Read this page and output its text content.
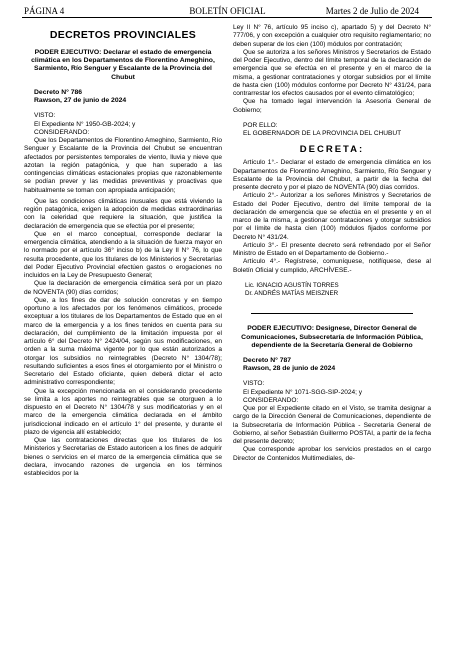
PÁGINA 4	BOLETÍN OFICIAL	Martes 2 de Julio de 2024

DECRETOS PROVINCIALES

PODER EJECUTIVO: Declarar el estado de emergencia climática en los Departamentos de Florentino Ameghino, Sarmiento, Río Senguer y Escalante de la Provincia del Chubut

Decreto N° 786

Rawson, 27 de junio de 2024

VISTO:

El Expediente N° 1950-GB-2024; y

CONSIDERANDO:

Que los Departamentos de Florentino Ameghino, Sarmiento, Río Senguer y Escalante de la Provincia del Chubut se encuentran afectados por persistentes temporales de viento, lluvia y nieve que azotan la región patagónica, y que han superado a las contingencias climáticas estacionales propias que razonablemente se podían prever y las medidas preventivas y proactivas que habitualmente se toman con apropiada anticipación;

Que las condiciones climáticas inusuales que está viviendo la región patagónica, exigen la adopción de medidas extraordinarias con la celeridad que requiere la situación, que justifica la declaración de emergencia que se efectúa por el presente;

Que en el marco conceptual, corresponde declarar la emergencia climática, atendiendo a la situación de fuerza mayor en lo normado por el artículo 36° inciso b) de la Ley II N° 76, lo que resulta procedente, que los titulares de los Ministerios y Secretarías del Poder Ejecutivo Provincial efectúen gastos o erogaciones no incluidos en la Ley de Presupuesto General;

Que la declaración de emergencia climática será por un plazo de NOVENTA (90) días corridos;

Que, a los fines de dar de solución concretas y en tiempo oportuno a los afectados por los fenómenos climáticos, procede exceptuar a los titulares de los Departamentos de Estado que en el marco de la emergencia y a los fines tenidos en cuenta para su declaración, del cumplimiento de la limitación impuesta por el artículo 6° del Decreto N° 2424/04, según sus modificaciones, en orden a la suma máxima vigente por lo que están autorizados a otorgar los subsidios no reintegrables (Decreto N° 1304/78); resultando suficientes a esos fines el otorgamiento por el Ministro o Secretario del Estado oficiante, quien deberá dictar el acto administrativo correspondiente;

Que la excepción mencionada en el considerando precedente se limita a los aportes no reintegrables que se otorguen a lo dispuesto en el Decreto N° 1304/78 y sus modificatorias y en el marco de la emergencia climática declarada en el ámbito jurisdiccional indicado en el artículo 1° del presente, y durante el plazo de vigencia allí establecido;

Que las contrataciones directas que los titulares de los Ministerios y Secretarías de Estado autoricen a los fines de adquirir bienes o servicios en el marco de la emergencia climática que se declara, invocando razones de urgencia en los términos establecidos por la

Ley II N° 76, artículo 95 inciso c), apartado 5) y del Decreto N° 777/06, y con excepción a cualquier otro requisito reglamentario; no deben superar de los cien (100) módulos por contratación;

Que se autoriza a los señores Ministros y Secretarios de Estado del Poder Ejecutivo, dentro del límite temporal de la declaración de emergencia que se efectúa en el presente y en el marco de la misma, a gestionar contrataciones y otorgar subsidios por el límite de hasta cien (100) módulos conforme por Decreto N° 431/24, para contrarrestar los efectos causados por el evento climatológico;

Que ha tomado legal intervención la Asesoría General de Gobierno;

POR ELLO:

EL GOBERNADOR DE LA PROVINCIA DEL CHUBUT

DECRETA:

Artículo 1°.- Declarar el estado de emergencia climática en los Departamentos de Florentino Ameghino, Sarmiento, Río Senguer y Escalante de la Provincia del Chubut, a partir de la fecha del presente decreto y por el plazo de NOVENTA (90) días corridos.

Artículo 2°.- Autorizar a los señores Ministros y Secretarios de Estado del Poder Ejecutivo, dentro del límite temporal de la declaración de emergencia que se efectúa en el presente y en el marco de la misma, a gestionar contrataciones y otorgar subsidios por el límite de hasta cien (100) módulos fijados conforme por Decreto N° 431/24.

Artículo 3°.- El presente decreto será refrendado por el Señor Ministro de Estado en el Departamento de Gobierno.-

Artículo 4°.- Regístrese, comuníquese, notifíquese, dese al Boletín Oficial y cumplido, ARCHÍVESE.-

Lic. IGNACIO AGUSTÍN TORRES

Dr. ANDRÉS MATÍAS MEISZNER

PODER EJECUTIVO: Designese, Director General de Comunicaciones, Subsecretaría de Información Pública, dependiente de la Secretaría General de Gobierno

Decreto N° 787

Rawson, 28 de junio de 2024

VISTO:

El Expediente N° 1071-SGG-SIP-2024; y

CONSIDERANDO:

Que por el Expediente citado en el Visto, se tramita designar a cargo de la Dirección General de Comunicaciones, dependiente de la Subsecretaría de Información Pública - Secretaría General de Gobierno, al señor Sebastián Guillermo POSTAI, a partir de la fecha del presente decreto;

Que corresponde aprobar los servicios prestados en el cargo Director de Contenidos Multimediales, de-
